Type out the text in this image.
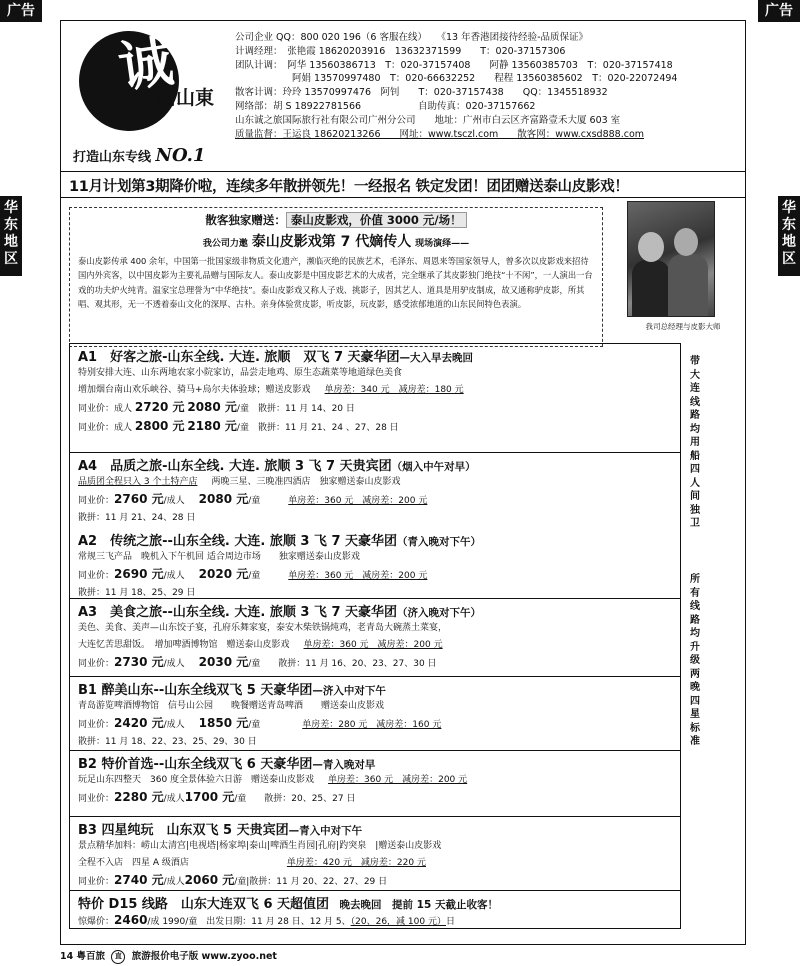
广告	广告
华
东
地
区
华
东
地
区
诚
信山東
打造山东专线 NO.1
公司企业 QQ：800 020 196（6 客服在线）　　《13 年香港团接待经验-品质保证》
计调经理：　张艳霞 18620203916　13632371599　　T：020-37157306
团队计调：　阿华 13560386713　T：020-37157408　　阿静 13560385703　T：020-37157418
　　　　　　阿娟 13570997480　T：020-66632252　　程程 13560385602　T：020-22072494
散客计调：玲玲 13570997476　阿钊　　T：020-37157438　　QQ：1345518932
网络部：胡 S 18922781566　　　　　　自助传真：020-37157662
山东诚之旅国际旅行社有限公司广州分公司　　地址：广州市白云区齐富路壹禾大厦 603 室
质量监督：王运良 18620213266　　网址：www.tsczl.com　　散客网：www.cxsd888.com
11月计划第3期降价啦，连续多年散拼领先！一经报名 铁定发团！团团赠送泰山皮影戏！
散客独家赠送： 泰山皮影戏，价值 3000 元/场！
我公司力邀 泰山皮影戏第 7 代嫡传人 现场演绎——
泰山皮影传承 400 余年，中国第一批国家级非物质文化遗产，濒临灭绝的民族艺术，毛泽东、周恩来等国家领导人，曾多次以皮影戏来招待国内外宾客，以中国皮影为主要礼品赠与国际友人。泰山皮影是中国皮影艺术的大成者，完全继承了其皮影独门绝技“十不闲”，一人演出一台戏的功夫炉火纯青。温家宝总理誉为“中华绝技”。泰山皮影戏又称人子戏、挑影子，因其艺人、道具是用驴皮制成，故又通称驴皮影，所其唱、观其形，无一不透着泰山文化的深厚、古朴。亲身体验赏皮影，听皮影，玩皮影，感受浓郁地道的山东民间特色表演。
我司总经理与皮影大师
A1　好客之旅-山东全线. 大连. 旅顺　双飞 7 天豪华团—大入早去晚回
特别安排大连、山东两地农家小院家访，品尝走地鸡、原生态蔬菜等地道绿色美食
增加烟台南山欢乐峡谷、骑马+烏尔夫体验球；赠送皮影戏 单房差：340 元　减房差：180 元
同业价：成人 2720 元 2080 元/童　散拼：11 月 14、20 日
同业价：成人 2800 元 2180 元/童　散拼：11 月 21、24 、27、28 日
A4　品质之旅-山东全线. 大连. 旅顺 3 飞 7 天贵宾团（烟入中午对早）
品质团全程只入 3 个土特产店 两晚三星、三晚准四酒店　独家赠送泰山皮影戏
同业价：2760 元/成人 2080 元/童	单房差：360 元　减房差：200 元
散拼：11 月 21、24、28 日
A2　传统之旅--山东全线. 大连. 旅顺 3 飞 7 天豪华团（青入晚对下午）
常规三飞产品　晚机入下午机回 适合周边市场　　独家赠送泰山皮影戏
同业价：2690 元/成人 2020 元/童	单房差：360 元　减房差：200 元
散拼：11 月 18、25、29 日
A3　美食之旅--山东全线. 大连. 旅顺 3 飞 7 天豪华团（济入晚对下午）
美色、美食、美声—山东饺子宴，孔府乐舞家宴，泰安木柴铁锅炖鸡，老青岛大碗蒸土菜宴，
大连忆苦思甜饭。　增加啤酒博物馆　赠送泰山皮影戏 单房差：360 元　减房差：200 元
同业价：2730 元/成人 2030 元/童　　散拼：11 月 16、20、23、27、30 日
B1 醉美山东--山东全线双飞 5 天豪华团—济入中对下午
青岛游览啤酒博物馆　信号山公园　　晚餐赠送青岛啤酒　　赠送泰山皮影戏
同业价：2420 元/成人 1850 元/童	单房差：280 元　减房差：160 元
散拼：11 月 18、22、23、25、29、30 日
B2 特价首选--山东全线双飞 6 天豪华团—青入晚对早
玩足山东四整天　360 度全景体验六日游　赠送泰山皮影戏 单房差：360 元　减房差：200 元
同业价：2280 元/成人1700 元/童　　散拼：20、25、27 日
B3 四星纯玩　山东双飞 5 天贵宾团—青入中对下午
景点精华加料：崂山太清宫|电视塔|杨家埠|泰山|啤酒生肖园|孔府|趵突泉　|赠送泰山皮影戏
全程不入店　四星 A 级酒店	单房差：420 元　减房差：220 元
同业价：2740 元/成人2060 元/童|散拼：11 月 20、22、27、29 日
特价 D15 线路　山东大连双飞 6 天超值团　晚去晚回　提前 15 天截止收客！
惊爆价：2460/成 1990/童　出发日期：11 月 28 日、12 月 5、（20、26，减 100 元）日
带
大
连
线
路
均
用
船
四
人
间
独
卫
所
有
线
路
均
升
级
两
晚
四
星
标
准
14 粤百旅 直 旅游报价电子版 www.zyoo.net
